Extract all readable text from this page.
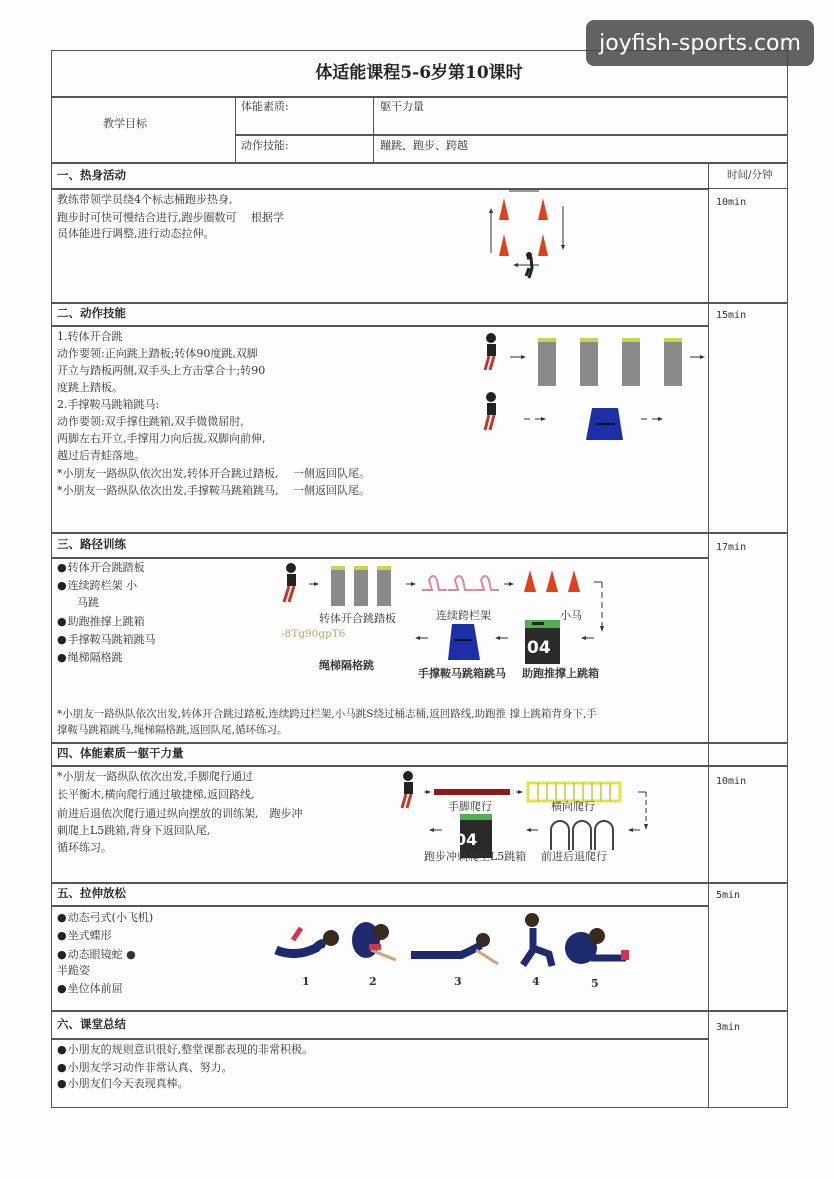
joyfish-sports.com
体适能课程5-6岁第10课时
教学目标
体能素质:	躯干力量
动作技能:	蹦跳、跑步、跨越
时间/分钟
一、热身活动
10min
教练带领学员绕4个标志桶跑步热身,
跑步时可快可慢结合进行,跑步圈数可　 根据学
员体能进行调整,进行动态拉伸。
二、动作技能	15min
1.转体开合跳
动作要领:正向跳上踏板;转体90度跳,双脚
开立与踏板两侧,双手头上方击掌合十;转90
度跳上踏板。
2.手撑鞍马跳箱跳马:
动作要领:双手撑住跳箱,双手微微屈肘,
两脚左右开立,手撑用力向后拔,双脚向前伸,
越过后青蛙落地。
*小朋友一路纵队依次出发,转体开合跳过踏板,　 一侧返回队尾。
*小朋友一路纵队依次出发,手撑鞍马跳箱跳马,　 一侧返回队尾。
三、路径训练	17min
● 转体开合跳踏板
● 连续跨栏架 小
马跳
● 助跑推撑上跳箱
● 手撑鞍马跳箱跳马
● 绳梯隔格跳
转体开合跳踏板	连续跨栏架	小马
-8Tg90gpT6
04
绳梯隔格跳
手撑鞍马跳箱跳马 助跑推撑上跳箱
*小朋友一路纵队依次出发,转体开合跳过踏板,连续跨过栏架,小马跳S绕过桶志桶,返回路线,助跑推 撑上跳箱背身下,手
撑鞍马跳箱跳马,绳梯隔格跳,返回队尾,循环练习。
四、体能素质一躯干力量
10min
*小朋友一路纵队依次出发,手脚爬行通过
长平衡木,横向爬行通过敏捷梯,返回路线,
前进后退依次爬行通过纵向摆放的训练架,　跑步冲
刺爬上L5跳箱,背身下返回队尾,
循环练习。
手脚爬行	横向爬行
04
跑步冲刺爬上L5跳箱 前进后退爬行
五、拉伸放松	5min
● 动态弓式(小飞机)
● 坐式蝶形
● 动态眼镜蛇 ●
半跪姿
● 坐位体前屈
1	2	3	4	5
六、课堂总结	3min
● 小朋友的规则意识很好,整堂课都表现的非常积极。
● 小朋友学习动作非常认真、努力。
● 小朋友们今天表现真棒。
